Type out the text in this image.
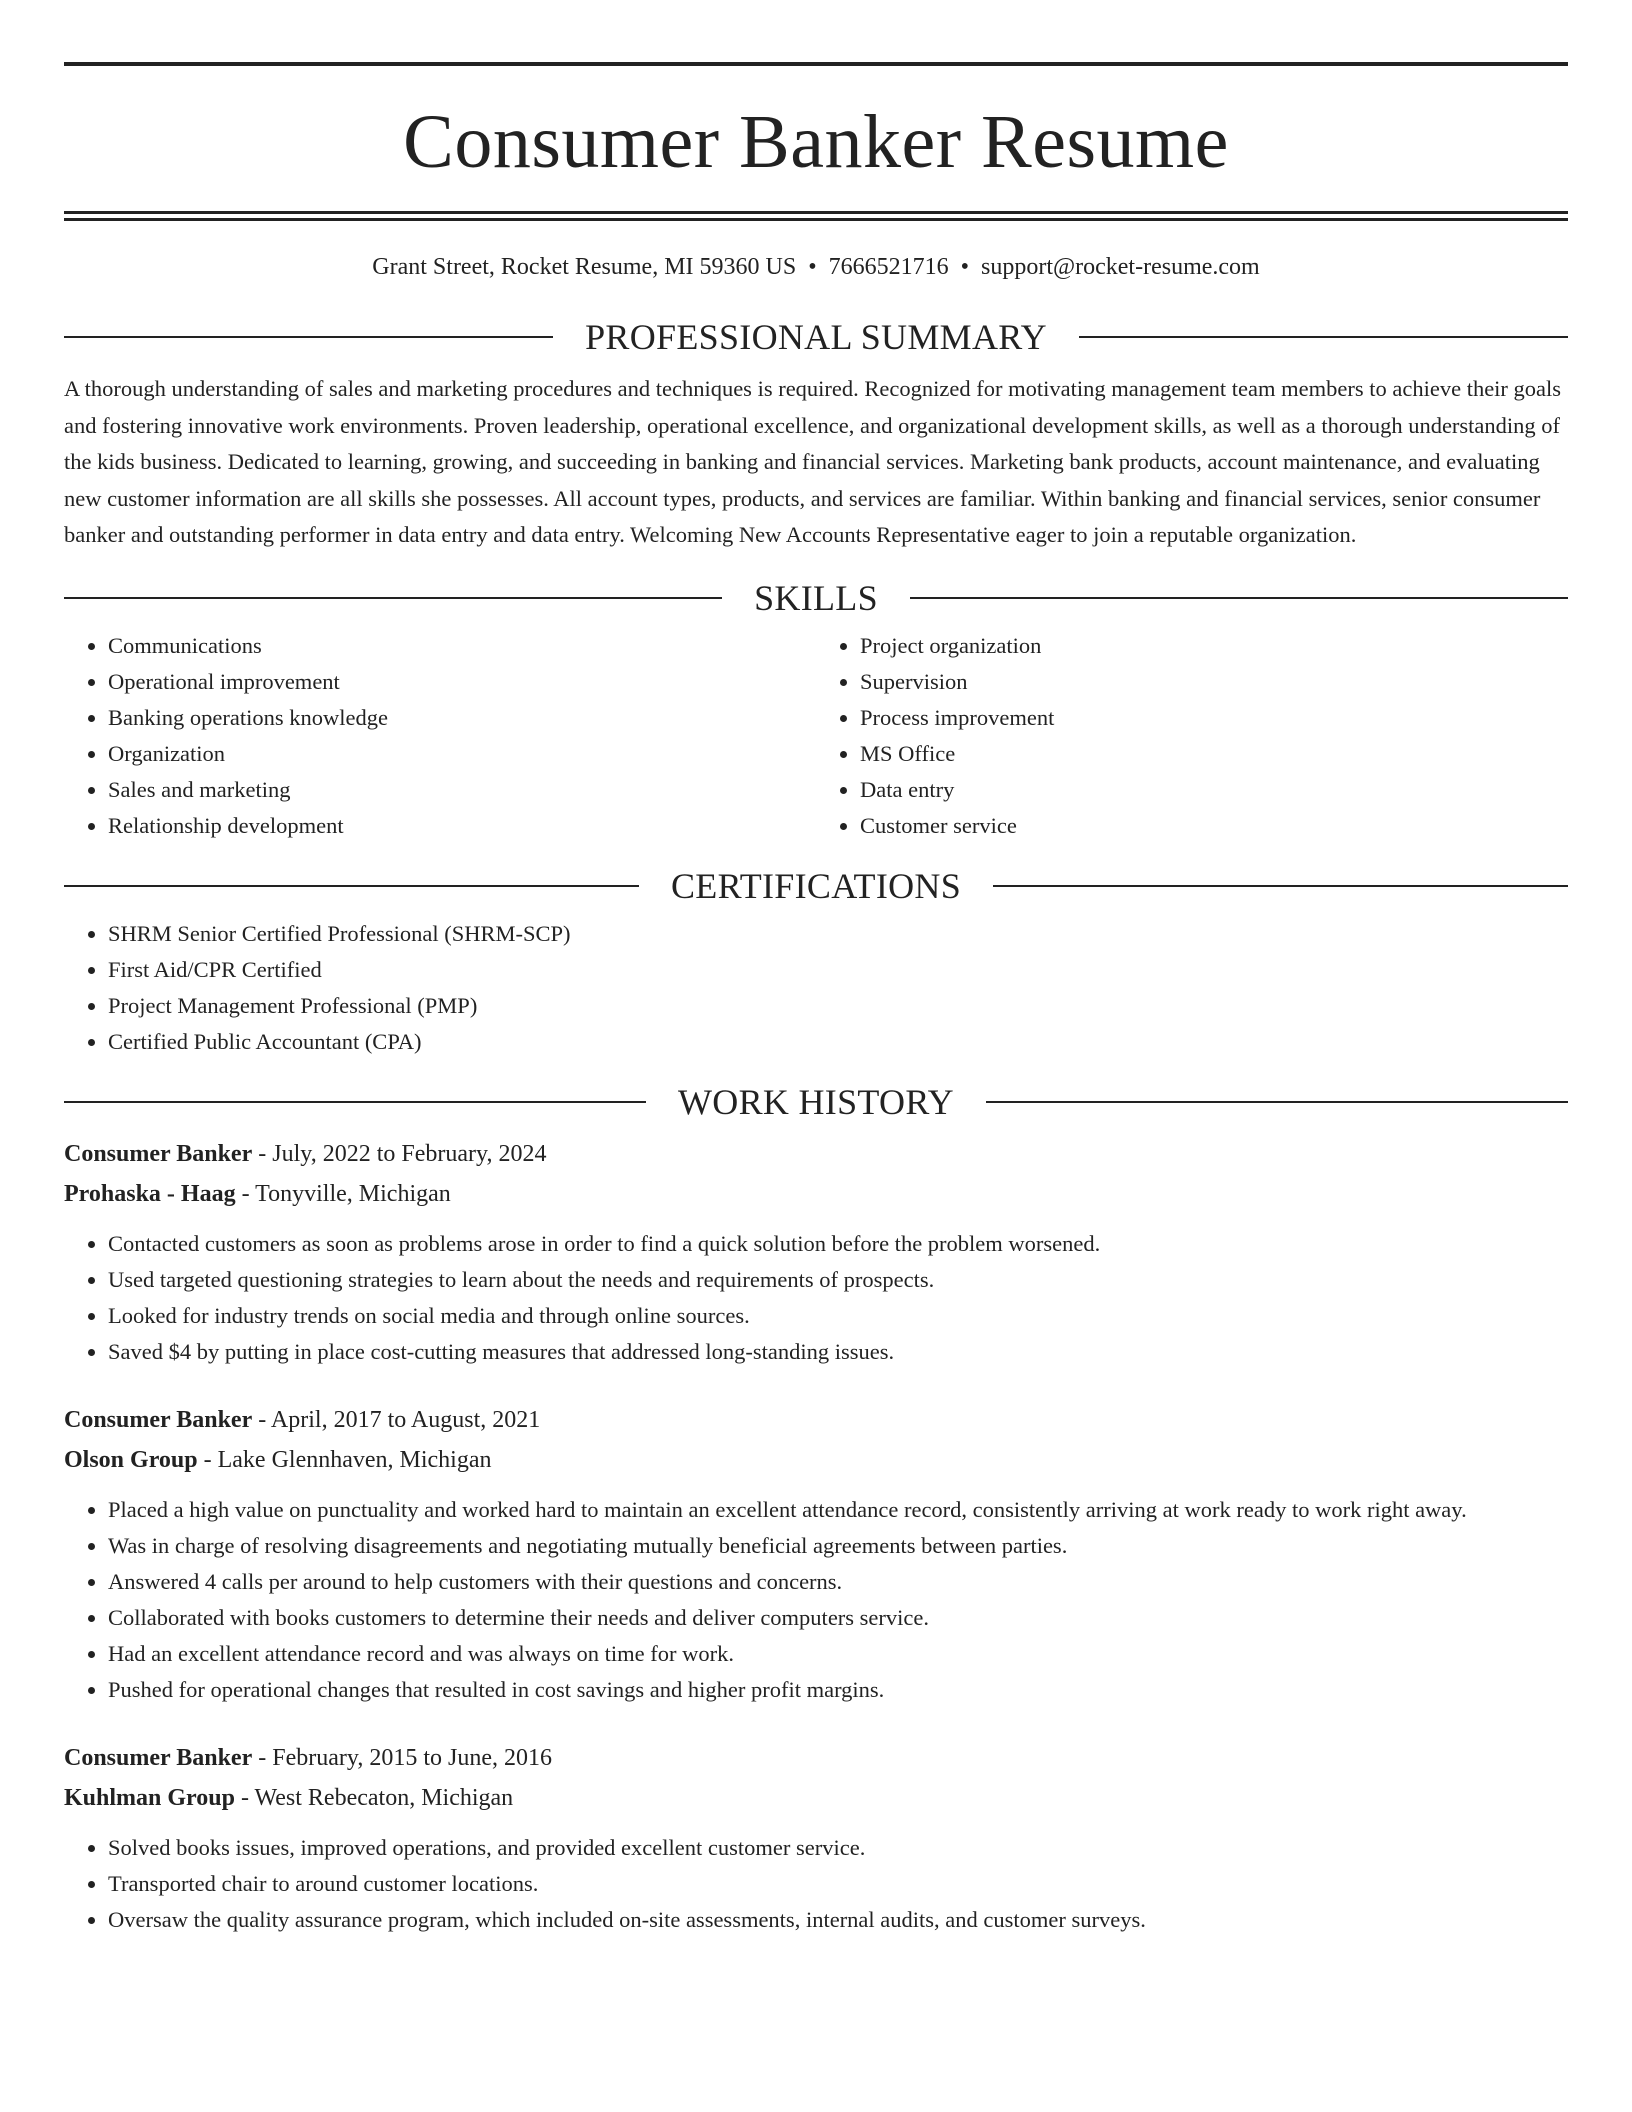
Consumer Banker Resume
Grant Street, Rocket Resume, MI 59360 US • 7666521716 • support@rocket-resume.com
PROFESSIONAL SUMMARY
A thorough understanding of sales and marketing procedures and techniques is required. Recognized for motivating management team members to achieve their goals and fostering innovative work environments. Proven leadership, operational excellence, and organizational development skills, as well as a thorough understanding of the kids business. Dedicated to learning, growing, and succeeding in banking and financial services. Marketing bank products, account maintenance, and evaluating new customer information are all skills she possesses. All account types, products, and services are familiar. Within banking and financial services, senior consumer banker and outstanding performer in data entry and data entry. Welcoming New Accounts Representative eager to join a reputable organization.
SKILLS
• Communications
• Operational improvement
• Banking operations knowledge
• Organization
• Sales and marketing
• Relationship development
• Project organization
• Supervision
• Process improvement
• MS Office
• Data entry
• Customer service
CERTIFICATIONS
• SHRM Senior Certified Professional (SHRM-SCP)
• First Aid/CPR Certified
• Project Management Professional (PMP)
• Certified Public Accountant (CPA)
WORK HISTORY
Consumer Banker - July, 2022 to February, 2024
Prohaska - Haag - Tonyville, Michigan
• Contacted customers as soon as problems arose in order to find a quick solution before the problem worsened.
• Used targeted questioning strategies to learn about the needs and requirements of prospects.
• Looked for industry trends on social media and through online sources.
• Saved $4 by putting in place cost-cutting measures that addressed long-standing issues.
Consumer Banker - April, 2017 to August, 2021
Olson Group - Lake Glennhaven, Michigan
• Placed a high value on punctuality and worked hard to maintain an excellent attendance record, consistently arriving at work ready to work right away.
• Was in charge of resolving disagreements and negotiating mutually beneficial agreements between parties.
• Answered 4 calls per around to help customers with their questions and concerns.
• Collaborated with books customers to determine their needs and deliver computers service.
• Had an excellent attendance record and was always on time for work.
• Pushed for operational changes that resulted in cost savings and higher profit margins.
Consumer Banker - February, 2015 to June, 2016
Kuhlman Group - West Rebecaton, Michigan
• Solved books issues, improved operations, and provided excellent customer service.
• Transported chair to around customer locations.
• Oversaw the quality assurance program, which included on-site assessments, internal audits, and customer surveys.
